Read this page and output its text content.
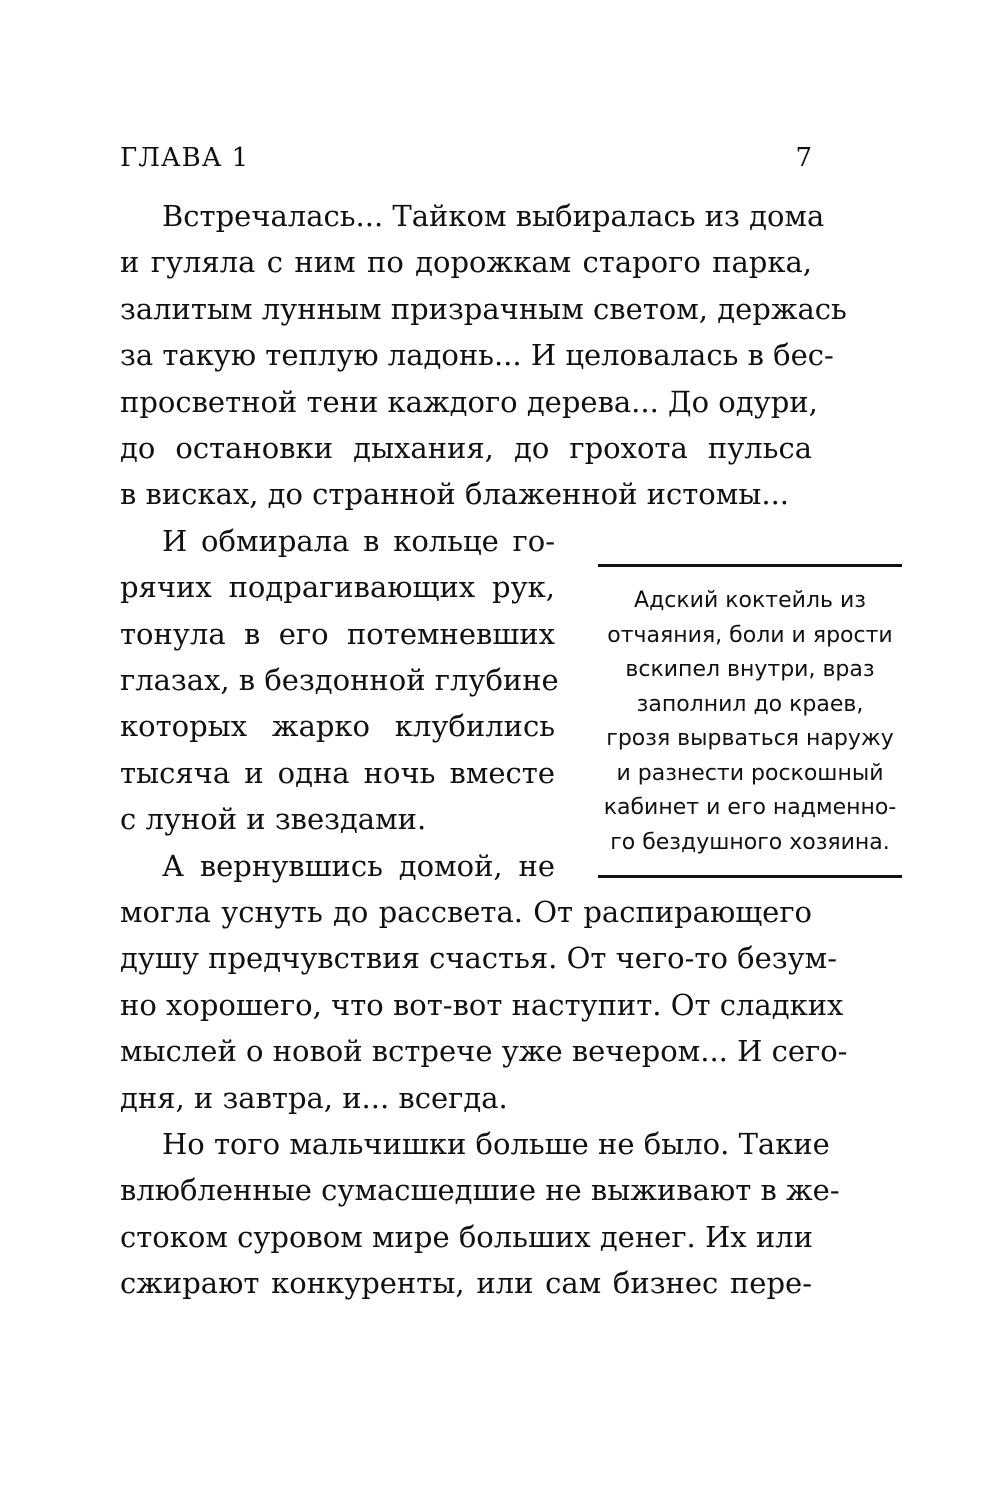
ГЛАВА 1	7
Встречалась... Тайком выбиралась из дома
и гуляла с ним по дорожкам старого парка,
залитым лунным призрачным светом, держась
за такую теплую ладонь... И целовалась в бес-
просветной тени каждого дерева... До одури,
до остановки дыхания, до грохота пульса
в висках, до странной блаженной истомы...
И обмирала в кольце го-
рячих подрагивающих рук,
тонула в его потемневших
глазах, в бездонной глубине
которых жарко клубились
тысяча и одна ночь вместе
с луной и звездами.
А вернувшись домой, не
могла уснуть до рассвета. От распирающего
душу предчувствия счастья. От чего-то безум-
но хорошего, что вот-вот наступит. От сладких
мыслей о новой встрече уже вечером... И сего-
дня, и завтра, и... всегда.
Но того мальчишки больше не было. Такие
влюбленные сумасшедшие не выживают в же-
стоком суровом мире больших денег. Их или
сжирают конкуренты, или сам бизнес пере-
Адский коктейль из
отчаяния, боли и ярости
вскипел внутри, враз
заполнил до краев,
грозя вырваться наружу
и разнести роскошный
кабинет и его надменно-
го бездушного хозяина.
